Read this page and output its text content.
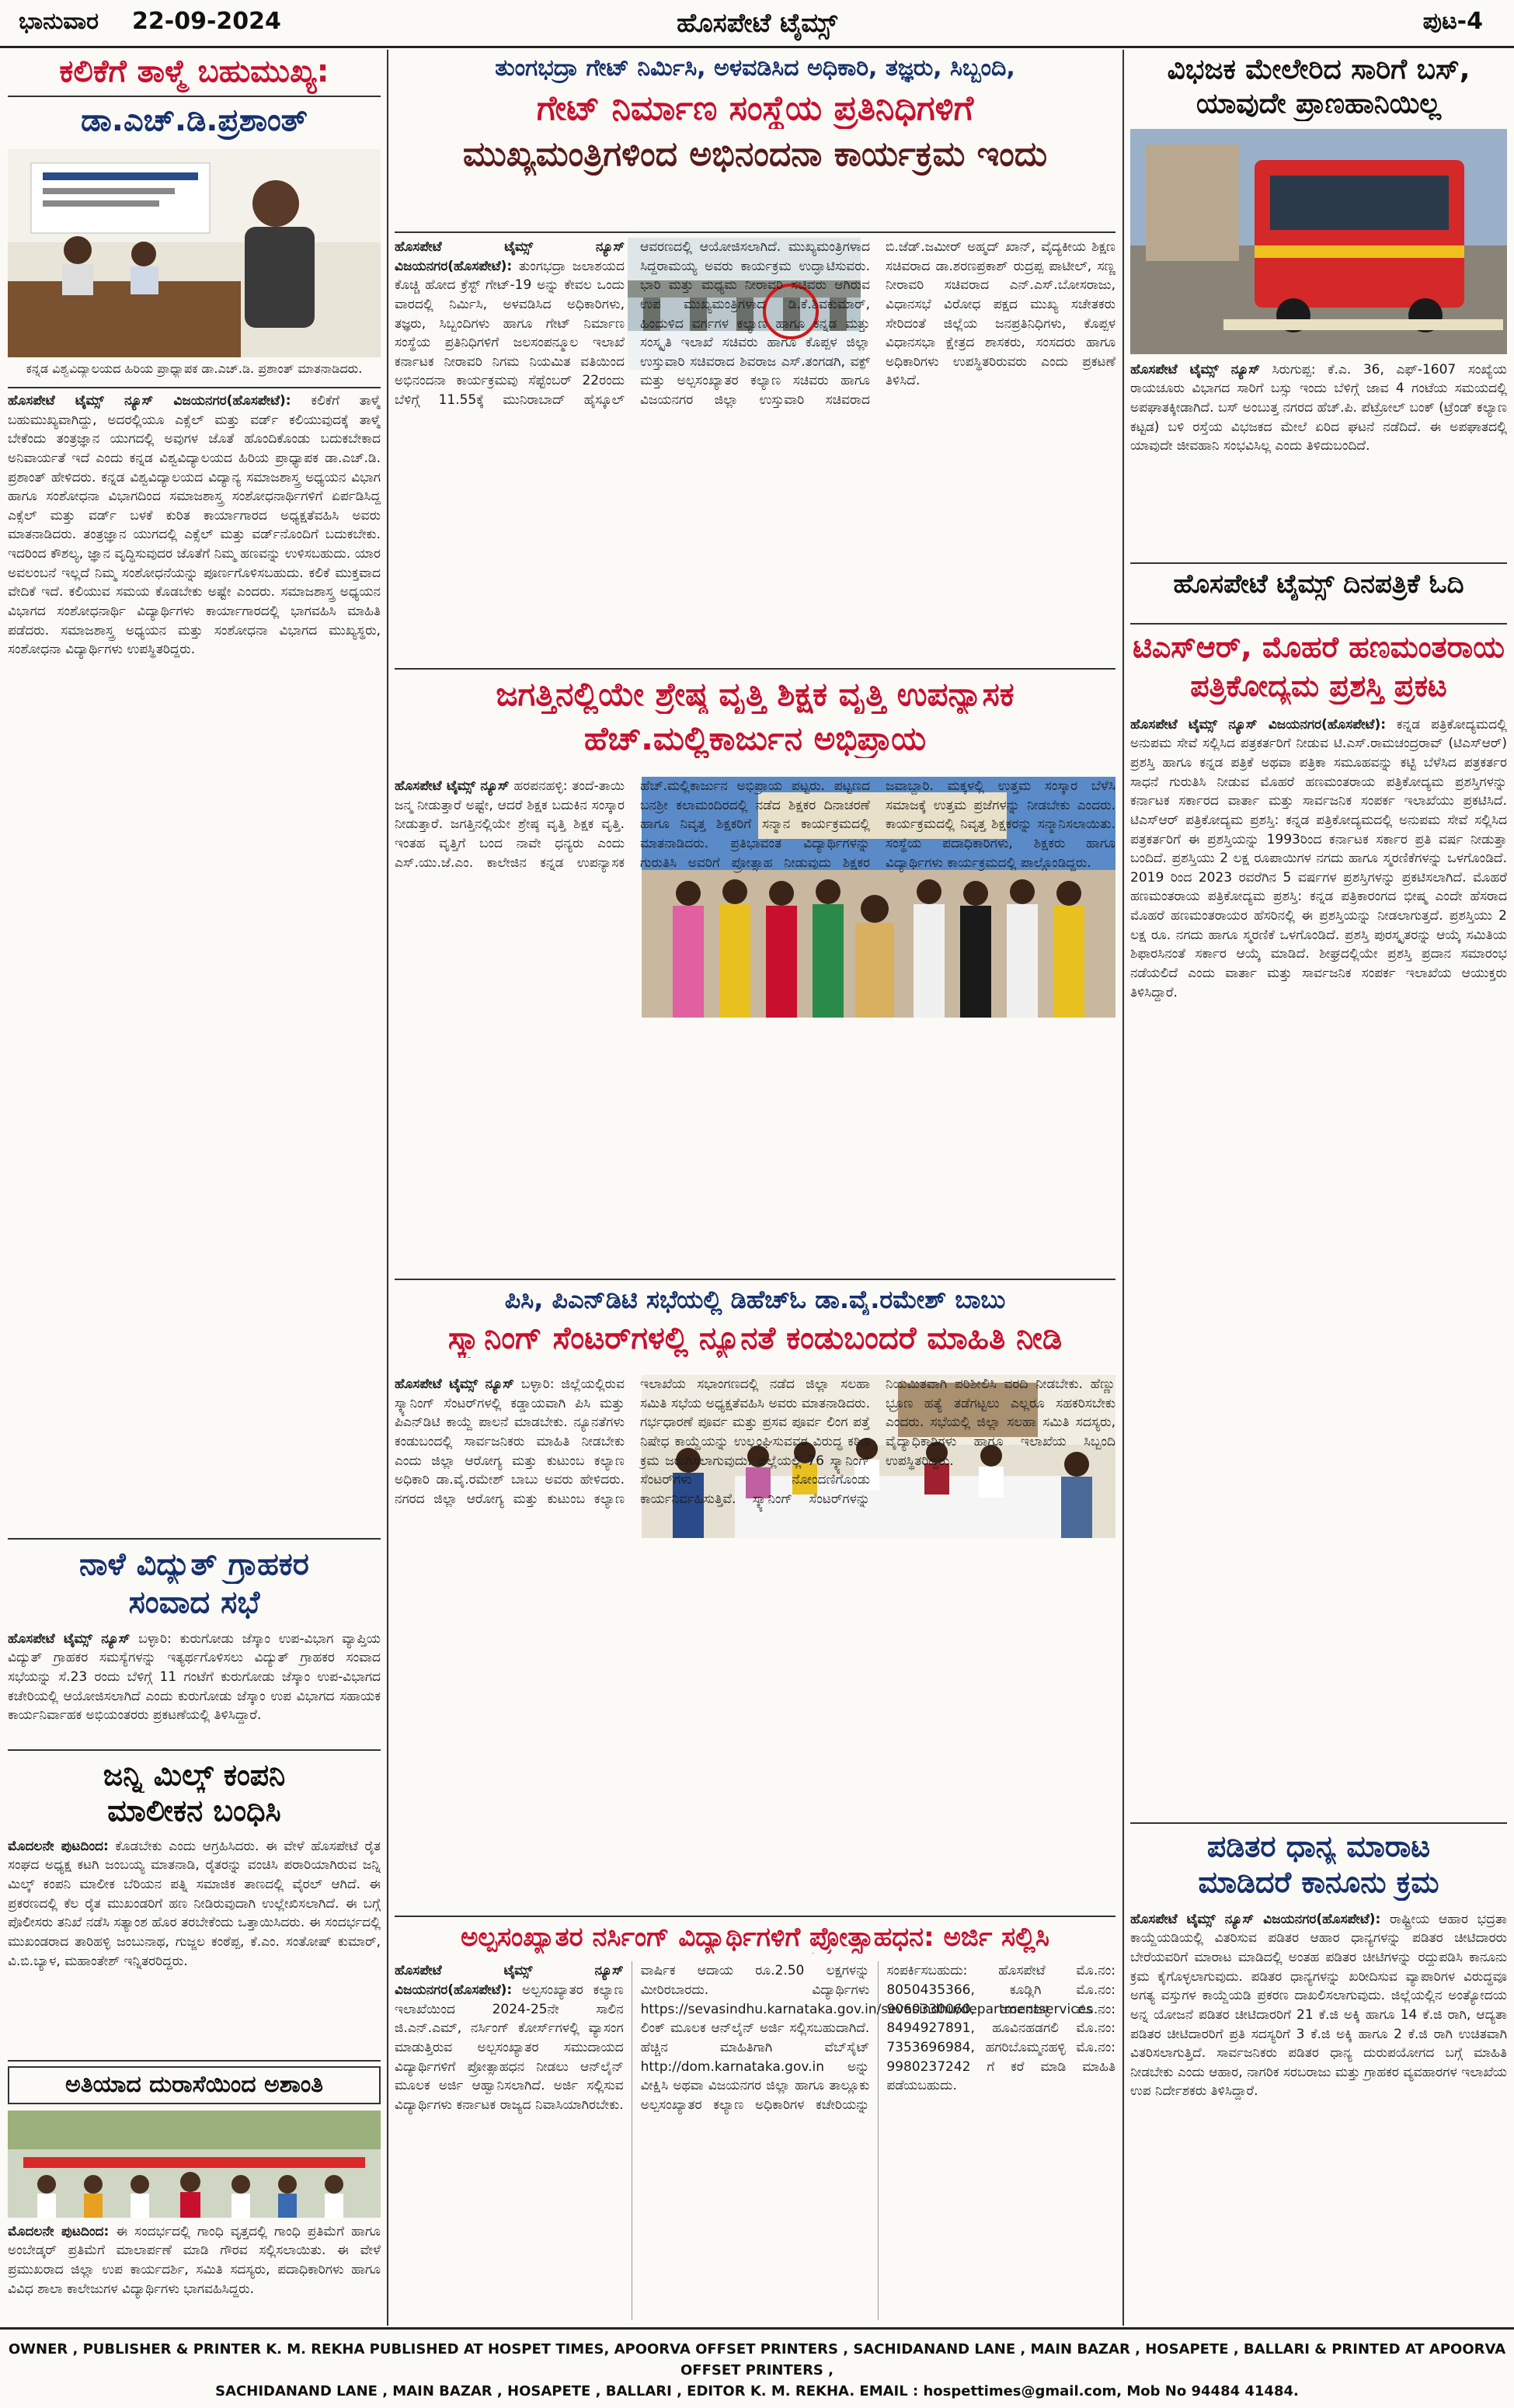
ಭಾನುವಾರ 22-09-2024	ಹೊಸಪೇಟೆ ಟೈಮ್ಸ್	ಪುಟ-4
ಕಲಿಕೆಗೆ ತಾಳ್ಮೆ ಬಹುಮುಖ್ಯ:
ಡಾ.ಎಚ್.ಡಿ.ಪ್ರಶಾಂತ್
ಕನ್ನಡ ವಿಶ್ವವಿದ್ಯಾಲಯದ ಹಿರಿಯ ಪ್ರಾಧ್ಯಾಪಕ ಡಾ.ಎಚ್.ಡಿ. ಪ್ರಶಾಂತ್ ಮಾತನಾಡಿದರು.
ಹೊಸಪೇಟೆ ಟೈಮ್ಸ್ ನ್ಯೂಸ್ ವಿಜಯನಗರ(ಹೊಸಪೇಟೆ): ಕಲಿಕೆಗೆ ತಾಳ್ಮೆ ಬಹುಮುಖ್ಯವಾಗಿದ್ದು, ಅದರಲ್ಲಿಯೂ ಎಕ್ಸೆಲ್ ಮತ್ತು ವರ್ಡ್ ಕಲಿಯುವುದಕ್ಕೆ ತಾಳ್ಮೆ ಬೇಕೆಂದು ತಂತ್ರಜ್ಞಾನ ಯುಗದಲ್ಲಿ ಅವುಗಳ ಜೊತೆ ಹೊಂದಿಕೊಂಡು ಬದುಕಬೇಕಾದ ಅನಿವಾರ್ಯತೆ ಇದೆ ಎಂದು ಕನ್ನಡ ವಿಶ್ವವಿದ್ಯಾಲಯದ ಹಿರಿಯ ಪ್ರಾಧ್ಯಾಪಕ ಡಾ.ಎಚ್.ಡಿ. ಪ್ರಶಾಂತ್ ಹೇಳಿದರು. ಕನ್ನಡ ವಿಶ್ವವಿದ್ಯಾಲಯದ ವಿದ್ಯಾನ್ಯ ಸಮಾಜಶಾಸ್ತ್ರ ಅಧ್ಯಯನ ವಿಭಾಗ ಹಾಗೂ ಸಂಶೋಧನಾ ವಿಭಾಗದಿಂದ ಸಮಾಜಶಾಸ್ತ್ರ ಸಂಶೋಧನಾರ್ಥಿಗಳಿಗೆ ಏರ್ಪಡಿಸಿದ್ದ ಎಕ್ಸೆಲ್ ಮತ್ತು ವರ್ಡ್ ಬಳಕೆ ಕುರಿತ ಕಾರ್ಯಾಗಾರದ ಅಧ್ಯಕ್ಷತೆವಹಿಸಿ ಅವರು ಮಾತನಾಡಿದರು. ತಂತ್ರಜ್ಞಾನ ಯುಗದಲ್ಲಿ ಎಕ್ಸೆಲ್ ಮತ್ತು ವರ್ಡ್‌ನೊಂದಿಗೆ ಬದುಕಬೇಕು. ಇದರಿಂದ ಕೌಶಲ್ಯ, ಜ್ಞಾನ ವೃದ್ಧಿಸುವುದರ ಜೊತೆಗೆ ನಿಮ್ಮ ಹಣವನ್ನು ಉಳಿಸಬಹುದು. ಯಾರ ಅವಲಂಬನೆ ಇಲ್ಲದೆ ನಿಮ್ಮ ಸಂಶೋಧನೆಯನ್ನು ಪೂರ್ಣಗೊಳಿಸಬಹುದು. ಕಲಿಕೆ ಮುಕ್ತವಾದ ವೇದಿಕೆ ಇದೆ. ಕಲಿಯುವ ಸಮಯ ಕೊಡಬೇಕು ಅಷ್ಟೇ ಎಂದರು. ಸಮಾಜಶಾಸ್ತ್ರ ಅಧ್ಯಯನ ವಿಭಾಗದ ಸಂಶೋಧನಾರ್ಥಿ ವಿದ್ಯಾರ್ಥಿಗಳು ಕಾರ್ಯಾಗಾರದಲ್ಲಿ ಭಾಗವಹಿಸಿ ಮಾಹಿತಿ ಪಡೆದರು. ಸಮಾಜಶಾಸ್ತ್ರ ಅಧ್ಯಯನ ಮತ್ತು ಸಂಶೋಧನಾ ವಿಭಾಗದ ಮುಖ್ಯಸ್ಥರು, ಸಂಶೋಧನಾ ವಿದ್ಯಾರ್ಥಿಗಳು ಉಪಸ್ಥಿತರಿದ್ದರು.
ನಾಳೆ ವಿದ್ಯುತ್ ಗ್ರಾಹಕರ
ಸಂವಾದ ಸಭೆ
ಹೊಸಪೇಟೆ ಟೈಮ್ಸ್ ನ್ಯೂಸ್ ಬಳ್ಳಾರಿ: ಕುರುಗೋಡು ಜೆಸ್ಕಾಂ ಉಪ-ವಿಭಾಗ ವ್ಯಾಪ್ತಿಯ ವಿದ್ಯುತ್ ಗ್ರಾಹಕರ ಸಮಸ್ಯೆಗಳನ್ನು ಇತ್ಯರ್ಥಗೊಳಿಸಲು ವಿದ್ಯುತ್ ಗ್ರಾಹಕರ ಸಂವಾದ ಸಭೆಯನ್ನು ಸೆ.23 ರಂದು ಬೆಳಿಗ್ಗೆ 11 ಗಂಟೆಗೆ ಕುರುಗೋಡು ಜೆಸ್ಕಾಂ ಉಪ-ವಿಭಾಗದ ಕಚೇರಿಯಲ್ಲಿ ಆಯೋಜಿಸಲಾಗಿದೆ ಎಂದು ಕುರುಗೋಡು ಜೆಸ್ಕಾಂ ಉಪ ವಿಭಾಗದ ಸಹಾಯಕ ಕಾರ್ಯನಿರ್ವಾಹಕ ಅಭಿಯಂತರರು ಪ್ರಕಟಣೆಯಲ್ಲಿ ತಿಳಿಸಿದ್ದಾರೆ.
ಜನ್ನಿ ಮಿಲ್ಕ್ ಕಂಪನಿ
ಮಾಲೀಕನ ಬಂಧಿಸಿ
ಮೊದಲನೇ ಪುಟದಿಂದ: ಕೊಡಬೇಕು ಎಂದು ಆಗ್ರಹಿಸಿದರು. ಈ ವೇಳೆ ಹೊಸಪೇಟೆ ರೈತ ಸಂಘದ ಅಧ್ಯಕ್ಷ ಕಟಗಿ ಜಂಬಯ್ಯ ಮಾತನಾಡಿ, ರೈತರನ್ನು ವಂಚಿಸಿ ಪರಾರಿಯಾಗಿರುವ ಜನ್ನಿ ಮಿಲ್ಕ್ ಕಂಪನಿ ಮಾಲೀಕ ಬೆರಿಯನ ಪತ್ನಿ ಸಮಾಜಿಕ ತಾಣದಲ್ಲಿ ವೈರಲ್ ಆಗಿದೆ. ಈ ಪ್ರಕರಣದಲ್ಲಿ ಕೆಲ ರೈತ ಮುಖಂಡರಿಗೆ ಹಣ ನೀಡಿರುವುದಾಗಿ ಉಲ್ಲೇಖಿಸಲಾಗಿದೆ. ಈ ಬಗ್ಗೆ ಪೊಲೀಸರು ತನಿಖೆ ನಡೆಸಿ ಸತ್ಯಾಂಶ ಹೊರ ತರಬೇಕೆಂದು ಒತ್ತಾಯಿಸಿದರು. ಈ ಸಂದರ್ಭದಲ್ಲಿ ಮುಖಂಡರಾದ ತಾರಿಹಳ್ಳಿ ಜಂಬುನಾಥ, ಗುಜ್ಜಲ ಕಂಠೆಪ್ಪ, ಕೆ.ಎಂ. ಸಂತೋಷ್ ಕುಮಾರ್, ವಿ.ಬಿ.ಬ್ಯಾಳ, ಮಹಾಂತೇಶ್ ಇನ್ನಿತರರಿದ್ದರು.
ಅತಿಯಾದ ದುರಾಸೆಯಿಂದ ಅಶಾಂತಿ
ಮೊದಲನೇ ಪುಟದಿಂದ: ಈ ಸಂದರ್ಭದಲ್ಲಿ ಗಾಂಧಿ ವೃತ್ತದಲ್ಲಿ ಗಾಂಧಿ ಪ್ರತಿಮೆಗೆ ಹಾಗೂ ಅಂಬೇಡ್ಕರ್ ಪ್ರತಿಮೆಗೆ ಮಾಲಾರ್ಪಣೆ ಮಾಡಿ ಗೌರವ ಸಲ್ಲಿಸಲಾಯಿತು. ಈ ವೇಳೆ ಪ್ರಮುಖರಾದ ಜಿಲ್ಲಾ ಉಪ ಕಾರ್ಯದರ್ಶಿ, ಸಮಿತಿ ಸದಸ್ಯರು, ಪದಾಧಿಕಾರಿಗಳು ಹಾಗೂ ವಿವಿಧ ಶಾಲಾ ಕಾಲೇಜುಗಳ ವಿದ್ಯಾರ್ಥಿಗಳು ಭಾಗವಹಿಸಿದ್ದರು.
ತುಂಗಭದ್ರಾ ಗೇಟ್ ನಿರ್ಮಿಸಿ, ಅಳವಡಿಸಿದ ಅಧಿಕಾರಿ, ತಜ್ಞರು, ಸಿಬ್ಬಂದಿ,
ಗೇಟ್ ನಿರ್ಮಾಣ ಸಂಸ್ಥೆಯ ಪ್ರತಿನಿಧಿಗಳಿಗೆ
ಮುಖ್ಯಮಂತ್ರಿಗಳಿಂದ ಅಭಿನಂದನಾ ಕಾರ್ಯಕ್ರಮ ಇಂದು
ಹೊಸಪೇಟೆ ಟೈಮ್ಸ್ ನ್ಯೂಸ್ ವಿಜಯನಗರ(ಹೊಸಪೇಟೆ): ತುಂಗಭದ್ರಾ ಜಲಾಶಯದ ಕೊಚ್ಚಿ ಹೋದ ಕ್ರೆಸ್ಟ್ ಗೇಟ್-19 ಅನ್ನು ಕೇವಲ ಒಂದು ವಾರದಲ್ಲಿ ನಿರ್ಮಿಸಿ, ಅಳವಡಿಸಿದ ಅಧಿಕಾರಿಗಳು, ತಜ್ಞರು, ಸಿಬ್ಬಂದಿಗಳು ಹಾಗೂ ಗೇಟ್ ನಿರ್ಮಾಣ ಸಂಸ್ಥೆಯ ಪ್ರತಿನಿಧಿಗಳಿಗೆ ಜಲಸಂಪನ್ಮೂಲ ಇಲಾಖೆ ಕರ್ನಾಟಕ ನೀರಾವರಿ ನಿಗಮ ನಿಯಮಿತ ವತಿಯಿಂದ ಅಭಿನಂದನಾ ಕಾರ್ಯಕ್ರಮವು ಸೆಪ್ಟೆಂಬರ್ 22ರಂದು ಬೆಳಿಗ್ಗೆ 11.55ಕ್ಕೆ ಮುನಿರಾಬಾದ್ ಹೈಸ್ಕೂಲ್ ಆವರಣದಲ್ಲಿ ಆಯೋಜಿಸಲಾಗಿದೆ. ಮುಖ್ಯಮಂತ್ರಿಗಳಾದ ಸಿದ್ದರಾಮಯ್ಯ ಅವರು ಕಾರ್ಯಕ್ರಮ ಉದ್ಘಾಟಿಸುವರು. ಭಾರಿ ಮತ್ತು ಮಧ್ಯಮ ನೀರಾವರಿ ಸಚಿವರು ಆಗಿರುವ ಉಪ ಮುಖ್ಯಮಂತ್ರಿಗಳಾದ ಡಿ.ಕೆ.ಶಿವಕುಮಾರ್, ಹಿಂದುಳಿದ ವರ್ಗಗಳ ಕಲ್ಯಾಣ ಹಾಗೂ ಕನ್ನಡ ಮತ್ತು ಸಂಸ್ಕೃತಿ ಇಲಾಖೆ ಸಚಿವರು ಹಾಗೂ ಕೊಪ್ಪಳ ಜಿಲ್ಲಾ ಉಸ್ತುವಾರಿ ಸಚಿವರಾದ ಶಿವರಾಜ ಎಸ್.ತಂಗಡಗಿ, ವಕ್ಫ್ ಮತ್ತು ಅಲ್ಪಸಂಖ್ಯಾತರ ಕಲ್ಯಾಣ ಸಚಿವರು ಹಾಗೂ ವಿಜಯನಗರ ಜಿಲ್ಲಾ ಉಸ್ತುವಾರಿ ಸಚಿವರಾದ ಬಿ.ಜೆಡ್.ಜಮೀರ್ ಅಹ್ಮದ್ ಖಾನ್, ವೈದ್ಯಕೀಯ ಶಿಕ್ಷಣ ಸಚಿವರಾದ ಡಾ.ಶರಣಪ್ರಕಾಶ್ ರುದ್ರಪ್ಪ ಪಾಟೀಲ್, ಸಣ್ಣ ನೀರಾವರಿ ಸಚಿವರಾದ ಎನ್.ಎಸ್.ಬೋಸರಾಜು, ವಿಧಾನಸಭೆ ವಿರೋಧ ಪಕ್ಷದ ಮುಖ್ಯ ಸಚೇತಕರು ಸೇರಿದಂತೆ ಜಿಲ್ಲೆಯ ಜನಪ್ರತಿನಿಧಿಗಳು, ಕೊಪ್ಪಳ ವಿಧಾನಸಭಾ ಕ್ಷೇತ್ರದ ಶಾಸಕರು, ಸಂಸದರು ಹಾಗೂ ಅಧಿಕಾರಿಗಳು ಉಪಸ್ಥಿತರಿರುವರು ಎಂದು ಪ್ರಕಟಣೆ ತಿಳಿಸಿದೆ.
ಜಗತ್ತಿನಲ್ಲಿಯೇ ಶ್ರೇಷ್ಠ ವೃತ್ತಿ ಶಿಕ್ಷಕ ವೃತ್ತಿ ಉಪನ್ಯಾಸಕ
ಹೆಚ್.ಮಲ್ಲಿಕಾರ್ಜುನ ಅಭಿಪ್ರಾಯ
ಹೊಸಪೇಟೆ ಟೈಮ್ಸ್ ನ್ಯೂಸ್ ಹರಪನಹಳ್ಳಿ: ತಂದೆ-ತಾಯಿ ಜನ್ಮ ನೀಡುತ್ತಾರೆ ಅಷ್ಟೇ, ಆದರೆ ಶಿಕ್ಷಕ ಬದುಕಿನ ಸಂಸ್ಕಾರ ನೀಡುತ್ತಾರೆ. ಜಗತ್ತಿನಲ್ಲಿಯೇ ಶ್ರೇಷ್ಠ ವೃತ್ತಿ ಶಿಕ್ಷಕ ವೃತ್ತಿ. ಇಂತಹ ವೃತ್ತಿಗೆ ಬಂದ ನಾವೇ ಧನ್ಯರು ಎಂದು ಎಸ್.ಯು.ಜೆ.ಎಂ. ಕಾಲೇಜಿನ ಕನ್ನಡ ಉಪನ್ಯಾಸಕ ಹೆಚ್.ಮಲ್ಲಿಕಾರ್ಜುನ ಅಭಿಪ್ರಾಯ ಪಟ್ಟರು. ಪಟ್ಟಣದ ಬನಶ್ರೀ ಕಲಾಮಂದಿರದಲ್ಲಿ ನಡೆದ ಶಿಕ್ಷಕರ ದಿನಾಚರಣೆ ಹಾಗೂ ನಿವೃತ್ತ ಶಿಕ್ಷಕರಿಗೆ ಸನ್ಮಾನ ಕಾರ್ಯಕ್ರಮದಲ್ಲಿ ಮಾತನಾಡಿದರು. ಪ್ರತಿಭಾವಂತ ವಿದ್ಯಾರ್ಥಿಗಳನ್ನು ಗುರುತಿಸಿ ಅವರಿಗೆ ಪ್ರೋತ್ಸಾಹ ನೀಡುವುದು ಶಿಕ್ಷಕರ ಜವಾಬ್ದಾರಿ. ಮಕ್ಕಳಲ್ಲಿ ಉತ್ತಮ ಸಂಸ್ಕಾರ ಬೆಳೆಸಿ ಸಮಾಜಕ್ಕೆ ಉತ್ತಮ ಪ್ರಜೆಗಳನ್ನು ನೀಡಬೇಕು ಎಂದರು. ಕಾರ್ಯಕ್ರಮದಲ್ಲಿ ನಿವೃತ್ತ ಶಿಕ್ಷಕರನ್ನು ಸನ್ಮಾನಿಸಲಾಯಿತು. ಸಂಸ್ಥೆಯ ಪದಾಧಿಕಾರಿಗಳು, ಶಿಕ್ಷಕರು ಹಾಗೂ ವಿದ್ಯಾರ್ಥಿಗಳು ಕಾರ್ಯಕ್ರಮದಲ್ಲಿ ಪಾಲ್ಗೊಂಡಿದ್ದರು.
ಪಿಸಿ, ಪಿಎನ್‌ಡಿಟಿ ಸಭೆಯಲ್ಲಿ ಡಿಹೆಚ್‌ಓ ಡಾ.ವೈ.ರಮೇಶ್ ಬಾಬು
ಸ್ಕ್ಯಾನಿಂಗ್ ಸೆಂಟರ್‌ಗಳಲ್ಲಿ ನ್ಯೂನತೆ ಕಂಡುಬಂದರೆ ಮಾಹಿತಿ ನೀಡಿ
ಹೊಸಪೇಟೆ ಟೈಮ್ಸ್ ನ್ಯೂಸ್ ಬಳ್ಳಾರಿ: ಜಿಲ್ಲೆಯಲ್ಲಿರುವ ಸ್ಕ್ಯಾನಿಂಗ್ ಸೆಂಟರ್‌ಗಳಲ್ಲಿ ಕಡ್ಡಾಯವಾಗಿ ಪಿಸಿ ಮತ್ತು ಪಿಎನ್‌ಡಿಟಿ ಕಾಯ್ದೆ ಪಾಲನೆ ಮಾಡಬೇಕು. ನ್ಯೂನತೆಗಳು ಕಂಡುಬಂದಲ್ಲಿ ಸಾರ್ವಜನಿಕರು ಮಾಹಿತಿ ನೀಡಬೇಕು ಎಂದು ಜಿಲ್ಲಾ ಆರೋಗ್ಯ ಮತ್ತು ಕುಟುಂಬ ಕಲ್ಯಾಣ ಅಧಿಕಾರಿ ಡಾ.ವೈ.ರಮೇಶ್ ಬಾಬು ಅವರು ಹೇಳಿದರು. ನಗರದ ಜಿಲ್ಲಾ ಆರೋಗ್ಯ ಮತ್ತು ಕುಟುಂಬ ಕಲ್ಯಾಣ ಇಲಾಖೆಯ ಸಭಾಂಗಣದಲ್ಲಿ ನಡೆದ ಜಿಲ್ಲಾ ಸಲಹಾ ಸಮಿತಿ ಸಭೆಯ ಅಧ್ಯಕ್ಷತೆವಹಿಸಿ ಅವರು ಮಾತನಾಡಿದರು. ಗರ್ಭಧಾರಣೆ ಪೂರ್ವ ಮತ್ತು ಪ್ರಸವ ಪೂರ್ವ ಲಿಂಗ ಪತ್ತೆ ನಿಷೇಧ ಕಾಯ್ದೆಯನ್ನು ಉಲ್ಲಂಘಿಸುವವರ ವಿರುದ್ಧ ಕಠಿಣ ಕ್ರಮ ಜರುಗಿಸಲಾಗುವುದು. ಜಿಲ್ಲೆಯಲ್ಲಿ 76 ಸ್ಕ್ಯಾನಿಂಗ್ ಸೆಂಟರ್‌ಗಳು ನೋಂದಣಿಗೊಂಡು ಕಾರ್ಯನಿರ್ವಹಿಸುತ್ತಿವೆ. ಸ್ಕ್ಯಾನಿಂಗ್ ಸೆಂಟರ್‌ಗಳನ್ನು ನಿಯಮಿತವಾಗಿ ಪರಿಶೀಲಿಸಿ ವರದಿ ನೀಡಬೇಕು. ಹೆಣ್ಣು ಭ್ರೂಣ ಹತ್ಯೆ ತಡೆಗಟ್ಟಲು ಎಲ್ಲರೂ ಸಹಕರಿಸಬೇಕು ಎಂದರು. ಸಭೆಯಲ್ಲಿ ಜಿಲ್ಲಾ ಸಲಹಾ ಸಮಿತಿ ಸದಸ್ಯರು, ವೈದ್ಯಾಧಿಕಾರಿಗಳು ಹಾಗೂ ಇಲಾಖೆಯ ಸಿಬ್ಬಂದಿ ಉಪಸ್ಥಿತರಿದ್ದರು.
ಅಲ್ಪಸಂಖ್ಯಾತರ ನರ್ಸಿಂಗ್ ವಿದ್ಯಾರ್ಥಿಗಳಿಗೆ ಪ್ರೋತ್ಸಾಹಧನ: ಅರ್ಜಿ ಸಲ್ಲಿಸಿ
ಹೊಸಪೇಟೆ ಟೈಮ್ಸ್ ನ್ಯೂಸ್ ವಿಜಯನಗರ(ಹೊಸಪೇಟೆ): ಅಲ್ಪಸಂಖ್ಯಾತರ ಕಲ್ಯಾಣ ಇಲಾಖೆಯಿಂದ 2024-25ನೇ ಸಾಲಿನ ಜಿ.ಎನ್.ಎಮ್, ನರ್ಸಿಂಗ್ ಕೋರ್ಸ್‌ಗಳಲ್ಲಿ ವ್ಯಾಸಂಗ ಮಾಡುತ್ತಿರುವ ಅಲ್ಪಸಂಖ್ಯಾತರ ಸಮುದಾಯದ ವಿದ್ಯಾರ್ಥಿಗಳಿಗೆ ಪ್ರೋತ್ಸಾಹಧನ ನೀಡಲು ಆನ್‌ಲೈನ್ ಮೂಲಕ ಅರ್ಜಿ ಆಹ್ವಾನಿಸಲಾಗಿದೆ. ಅರ್ಜಿ ಸಲ್ಲಿಸುವ ವಿದ್ಯಾರ್ಥಿಗಳು ಕರ್ನಾಟಕ ರಾಜ್ಯದ ನಿವಾಸಿಯಾಗಿರಬೇಕು. ವಾರ್ಷಿಕ ಆದಾಯ ರೂ.2.50 ಲಕ್ಷಗಳನ್ನು ಮೀರಿರಬಾರದು. ವಿದ್ಯಾರ್ಥಿಗಳು https://sevasindhu.karnataka.gov.in/sevasindhu/departmentservices ಲಿಂಕ್ ಮೂಲಕ ಆನ್‌ಲೈನ್ ಅರ್ಜಿ ಸಲ್ಲಿಸಬಹುದಾಗಿದೆ. ಹೆಚ್ಚಿನ ಮಾಹಿತಿಗಾಗಿ ವೆಬ್‌ಸೈಟ್ http://dom.karnataka.gov.in ಅನ್ನು ವೀಕ್ಷಿಸಿ ಅಥವಾ ವಿಜಯನಗರ ಜಿಲ್ಲಾ ಹಾಗೂ ತಾಲ್ಲೂಕು ಅಲ್ಪಸಂಖ್ಯಾತರ ಕಲ್ಯಾಣ ಅಧಿಕಾರಿಗಳ ಕಚೇರಿಯನ್ನು ಸಂಪರ್ಕಿಸಬಹುದು: ಹೊಸಪೇಟೆ ಮೊ.ನಂ: 8050435366, ಕೂಡ್ಲಿಗಿ ಮೊ.ನಂ: 9060330060, ಹರಪನಹಳ್ಳಿ ಮೊ.ನಂ: 8494927891, ಹೂವಿನಹಡಗಲಿ ಮೊ.ನಂ: 7353696984, ಹಗರಿಬೊಮ್ಮನಹಳ್ಳಿ ಮೊ.ನಂ: 9980237242 ಗೆ ಕರೆ ಮಾಡಿ ಮಾಹಿತಿ ಪಡೆಯಬಹುದು.
ವಿಭಜಕ ಮೇಲೇರಿದ ಸಾರಿಗೆ ಬಸ್,
ಯಾವುದೇ ಪ್ರಾಣಹಾನಿಯಿಲ್ಲ
ಹೊಸಪೇಟೆ ಟೈಮ್ಸ್ ನ್ಯೂಸ್ ಸಿರುಗುಪ್ಪ: ಕೆ.ಎ. 36, ಎಫ್-1607 ಸಂಖ್ಯೆಯ ರಾಯಚೂರು ವಿಭಾಗದ ಸಾರಿಗೆ ಬಸ್ಸು ಇಂದು ಬೆಳಿಗ್ಗೆ ಜಾವ 4 ಗಂಟೆಯ ಸಮಯದಲ್ಲಿ ಅಪಘಾತಕ್ಕೀಡಾಗಿದೆ. ಬಸ್ ಅಂಬುತ್ತ ನಗರದ ಹೆಚ್.ಪಿ. ಪೆಟ್ರೋಲ್ ಬಂಕ್ (ಟ್ರೆಂಡ್ ಕಲ್ಯಾಣ ಕಟ್ಟಡ) ಬಳಿ ರಸ್ತೆಯ ವಿಭಜಕದ ಮೇಲೆ ಏರಿದ ಘಟನೆ ನಡೆದಿದೆ. ಈ ಅಪಘಾತದಲ್ಲಿ ಯಾವುದೇ ಜೀವಹಾನಿ ಸಂಭವಿಸಿಲ್ಲ ಎಂದು ತಿಳಿದುಬಂದಿದೆ.
ಹೊಸಪೇಟೆ ಟೈಮ್ಸ್ ದಿನಪತ್ರಿಕೆ ಓದಿ
ಟಿಎಸ್‌ಆರ್, ಮೊಹರೆ ಹಣಮಂತರಾಯ
ಪತ್ರಿಕೋದ್ಯಮ ಪ್ರಶಸ್ತಿ ಪ್ರಕಟ
ಹೊಸಪೇಟೆ ಟೈಮ್ಸ್ ನ್ಯೂಸ್ ವಿಜಯನಗರ(ಹೊಸಪೇಟೆ): ಕನ್ನಡ ಪತ್ರಿಕೋದ್ಯಮದಲ್ಲಿ ಅನುಪಮ ಸೇವೆ ಸಲ್ಲಿಸಿದ ಪತ್ರಕರ್ತರಿಗೆ ನೀಡುವ ಟಿ.ಎಸ್.ರಾಮಚಂದ್ರರಾವ್ (ಟಿಎಸ್‌ಆರ್) ಪ್ರಶಸ್ತಿ ಹಾಗೂ ಕನ್ನಡ ಪತ್ರಿಕೆ ಅಥವಾ ಪತ್ರಿಕಾ ಸಮೂಹವನ್ನು ಕಟ್ಟಿ ಬೆಳೆಸಿದ ಪತ್ರಕರ್ತರ ಸಾಧನೆ ಗುರುತಿಸಿ ನೀಡುವ ಮೊಹರೆ ಹಣಮಂತರಾಯ ಪತ್ರಿಕೋದ್ಯಮ ಪ್ರಶಸ್ತಿಗಳನ್ನು ಕರ್ನಾಟಕ ಸರ್ಕಾರದ ವಾರ್ತಾ ಮತ್ತು ಸಾರ್ವಜನಿಕ ಸಂಪರ್ಕ ಇಲಾಖೆಯು ಪ್ರಕಟಿಸಿದೆ. ಟಿಎಸ್‌ಆರ್ ಪತ್ರಿಕೋದ್ಯಮ ಪ್ರಶಸ್ತಿ: ಕನ್ನಡ ಪತ್ರಿಕೋದ್ಯಮದಲ್ಲಿ ಅನುಪಮ ಸೇವೆ ಸಲ್ಲಿಸಿದ ಪತ್ರಕರ್ತರಿಗೆ ಈ ಪ್ರಶಸ್ತಿಯನ್ನು 1993ರಿಂದ ಕರ್ನಾಟಕ ಸರ್ಕಾರ ಪ್ರತಿ ವರ್ಷ ನೀಡುತ್ತಾ ಬಂದಿದೆ. ಪ್ರಶಸ್ತಿಯು 2 ಲಕ್ಷ ರೂಪಾಯಿಗಳ ನಗದು ಹಾಗೂ ಸ್ಮರಣಿಕೆಗಳನ್ನು ಒಳಗೊಂಡಿದೆ. 2019 ರಿಂದ 2023 ರವರೆಗಿನ 5 ವರ್ಷಗಳ ಪ್ರಶಸ್ತಿಗಳನ್ನು ಪ್ರಕಟಿಸಲಾಗಿದೆ. ಮೊಹರೆ ಹಣಮಂತರಾಯ ಪತ್ರಿಕೋದ್ಯಮ ಪ್ರಶಸ್ತಿ: ಕನ್ನಡ ಪತ್ರಿಕಾರಂಗದ ಭೀಷ್ಮ ಎಂದೇ ಹೆಸರಾದ ಮೊಹರೆ ಹಣಮಂತರಾಯರ ಹೆಸರಿನಲ್ಲಿ ಈ ಪ್ರಶಸ್ತಿಯನ್ನು ನೀಡಲಾಗುತ್ತದೆ. ಪ್ರಶಸ್ತಿಯು 2 ಲಕ್ಷ ರೂ. ನಗದು ಹಾಗೂ ಸ್ಮರಣಿಕೆ ಒಳಗೊಂಡಿದೆ. ಪ್ರಶಸ್ತಿ ಪುರಸ್ಕೃತರನ್ನು ಆಯ್ಕೆ ಸಮಿತಿಯ ಶಿಫಾರಸಿನಂತೆ ಸರ್ಕಾರ ಆಯ್ಕೆ ಮಾಡಿದೆ. ಶೀಘ್ರದಲ್ಲಿಯೇ ಪ್ರಶಸ್ತಿ ಪ್ರದಾನ ಸಮಾರಂಭ ನಡೆಯಲಿದೆ ಎಂದು ವಾರ್ತಾ ಮತ್ತು ಸಾರ್ವಜನಿಕ ಸಂಪರ್ಕ ಇಲಾಖೆಯ ಆಯುಕ್ತರು ತಿಳಿಸಿದ್ದಾರೆ.
ಪಡಿತರ ಧಾನ್ಯ ಮಾರಾಟ
ಮಾಡಿದರೆ ಕಾನೂನು ಕ್ರಮ
ಹೊಸಪೇಟೆ ಟೈಮ್ಸ್ ನ್ಯೂಸ್ ವಿಜಯನಗರ(ಹೊಸಪೇಟೆ): ರಾಷ್ಟ್ರೀಯ ಆಹಾರ ಭದ್ರತಾ ಕಾಯ್ದೆಯಡಿಯಲ್ಲಿ ವಿತರಿಸುವ ಪಡಿತರ ಆಹಾರ ಧಾನ್ಯಗಳನ್ನು ಪಡಿತರ ಚೀಟಿದಾರರು ಬೇರೆಯವರಿಗೆ ಮಾರಾಟ ಮಾಡಿದಲ್ಲಿ ಅಂತಹ ಪಡಿತರ ಚೀಟಿಗಳನ್ನು ರದ್ದುಪಡಿಸಿ ಕಾನೂನು ಕ್ರಮ ಕೈಗೊಳ್ಳಲಾಗುವುದು. ಪಡಿತರ ಧಾನ್ಯಗಳನ್ನು ಖರೀದಿಸುವ ವ್ಯಾಪಾರಿಗಳ ವಿರುದ್ಧವೂ ಅಗತ್ಯ ವಸ್ತುಗಳ ಕಾಯ್ದೆಯಡಿ ಪ್ರಕರಣ ದಾಖಲಿಸಲಾಗುವುದು. ಜಿಲ್ಲೆಯಲ್ಲಿನ ಅಂತ್ಯೋದಯ ಅನ್ನ ಯೋಜನೆ ಪಡಿತರ ಚೀಟಿದಾರರಿಗೆ 21 ಕೆ.ಜಿ ಅಕ್ಕಿ ಹಾಗೂ 14 ಕೆ.ಜಿ ರಾಗಿ, ಆದ್ಯತಾ ಪಡಿತರ ಚೀಟಿದಾರರಿಗೆ ಪ್ರತಿ ಸದಸ್ಯರಿಗೆ 3 ಕೆ.ಜಿ ಅಕ್ಕಿ ಹಾಗೂ 2 ಕೆ.ಜಿ ರಾಗಿ ಉಚಿತವಾಗಿ ವಿತರಿಸಲಾಗುತ್ತಿದೆ. ಸಾರ್ವಜನಿಕರು ಪಡಿತರ ಧಾನ್ಯ ದುರುಪಯೋಗದ ಬಗ್ಗೆ ಮಾಹಿತಿ ನೀಡಬೇಕು ಎಂದು ಆಹಾರ, ನಾಗರಿಕ ಸರಬರಾಜು ಮತ್ತು ಗ್ರಾಹಕರ ವ್ಯವಹಾರಗಳ ಇಲಾಖೆಯ ಉಪ ನಿರ್ದೇಶಕರು ತಿಳಿಸಿದ್ದಾರೆ.
OWNER , PUBLISHER & PRINTER K. M. REKHA PUBLISHED AT HOSPET TIMES, APOORVA OFFSET PRINTERS , SACHIDANAND LANE , MAIN BAZAR , HOSAPETE , BALLARI & PRINTED AT APOORVA OFFSET PRINTERS ,
SACHIDANAND LANE , MAIN BAZAR , HOSAPETE , BALLARI , EDITOR K. M. REKHA. EMAIL : hospettimes@gmail.com, Mob No 94484 41484.
